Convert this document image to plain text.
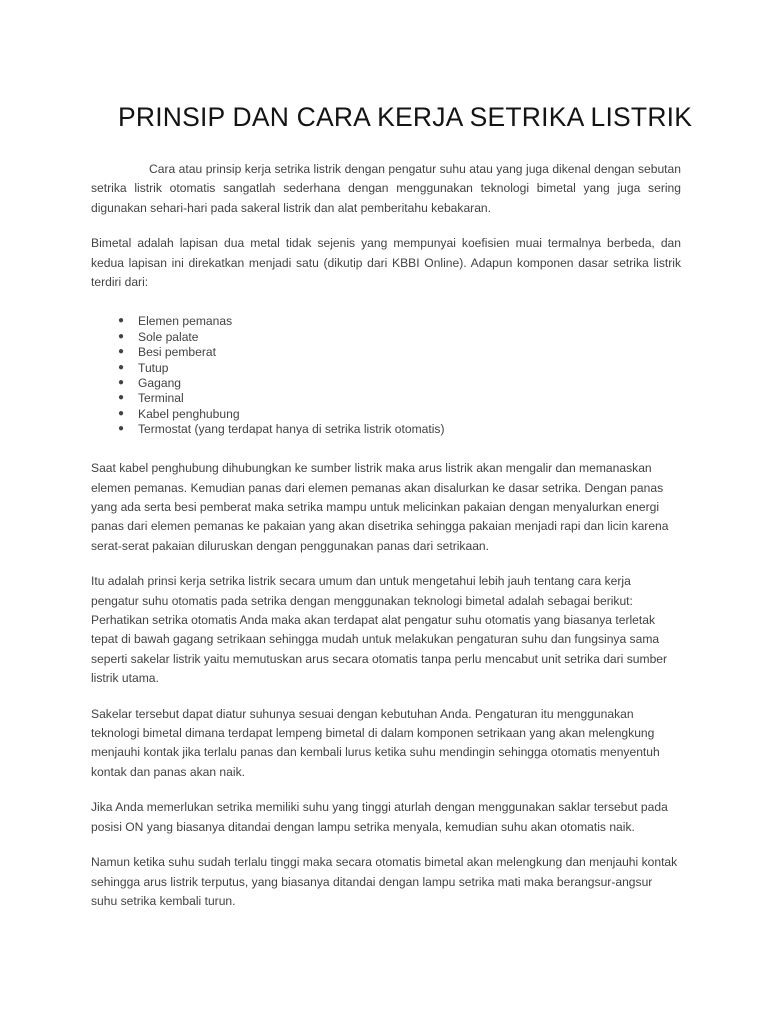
PRINSIP DAN CARA KERJA SETRIKA LISTRIK

Cara atau prinsip kerja setrika listrik dengan pengatur suhu atau yang juga dikenal dengan sebutan setrika listrik otomatis sangatlah sederhana dengan menggunakan teknologi bimetal yang juga sering digunakan sehari-hari pada sakeral listrik dan alat pemberitahu kebakaran.

Bimetal adalah lapisan dua metal tidak sejenis yang mempunyai koefisien muai termalnya berbeda, dan kedua lapisan ini direkatkan menjadi satu (dikutip dari KBBI Online). Adapun komponen dasar setrika listrik terdiri dari:

● Elemen pemanas
● Sole palate
● Besi pemberat
● Tutup
● Gagang
● Terminal
● Kabel penghubung
● Termostat (yang terdapat hanya di setrika listrik otomatis)

Saat kabel penghubung dihubungkan ke sumber listrik maka arus listrik akan mengalir dan memanaskan elemen pemanas. Kemudian panas dari elemen pemanas akan disalurkan ke dasar setrika. Dengan panas yang ada serta besi pemberat maka setrika mampu untuk melicinkan pakaian dengan menyalurkan energi panas dari elemen pemanas ke pakaian yang akan disetrika sehingga pakaian menjadi rapi dan licin karena serat-serat pakaian diluruskan dengan penggunakan panas dari setrikaan.

Itu adalah prinsi kerja setrika listrik secara umum dan untuk mengetahui lebih jauh tentang cara kerja pengatur suhu otomatis pada setrika dengan menggunakan teknologi bimetal adalah sebagai berikut:

Perhatikan setrika otomatis Anda maka akan terdapat alat pengatur suhu otomatis yang biasanya terletak tepat di bawah gagang setrikaan sehingga mudah untuk melakukan pengaturan suhu dan fungsinya sama seperti sakelar listrik yaitu memutuskan arus secara otomatis tanpa perlu mencabut unit setrika dari sumber listrik utama.

Sakelar tersebut dapat diatur suhunya sesuai dengan kebutuhan Anda. Pengaturan itu menggunakan teknologi bimetal dimana terdapat lempeng bimetal di dalam komponen setrikaan yang akan melengkung menjauhi kontak jika terlalu panas dan kembali lurus ketika suhu mendingin sehingga otomatis menyentuh kontak dan panas akan naik.

Jika Anda memerlukan setrika memiliki suhu yang tinggi aturlah dengan menggunakan saklar tersebut pada posisi ON yang biasanya ditandai dengan lampu setrika menyala, kemudian suhu akan otomatis naik.

Namun ketika suhu sudah terlalu tinggi maka secara otomatis bimetal akan melengkung dan menjauhi kontak sehingga arus listrik terputus, yang biasanya ditandai dengan lampu setrika mati maka berangsur-angsur suhu setrika kembali turun.
